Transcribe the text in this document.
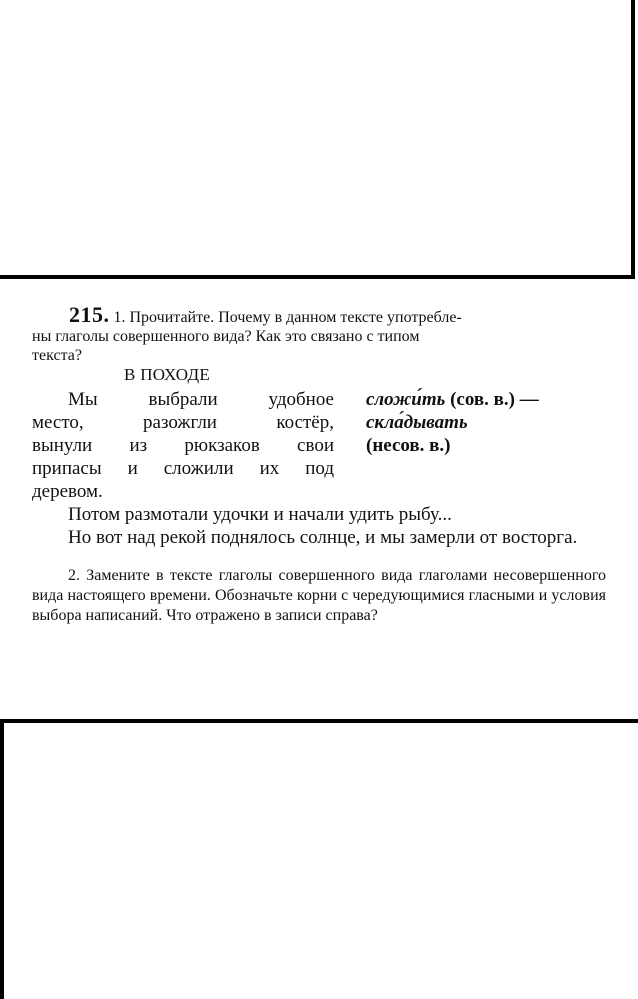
215. 1. Прочитайте. Почему в данном тексте употребле-

ны глаголы совершенного вида? Как это связано с типом
текста?

В ПОХОДЕ

Мы выбрали удобное
место, разожгли костёр,
вынули из рюкзаков свои
припасы и сложили их под
деревом.
сложи́ть (сов. в.) —
скла́дывать
(несов. в.)

Потом размотали удочки и начали удить рыбу...

Но вот над рекой поднялось солнце, и мы замерли от восторга.

2. Замените в тексте глаголы совершенного вида глаголами несовершенного вида настоящего времени. Обозначьте корни с чередующимися гласными и условия выбора написаний. Что отражено в записи справа?
